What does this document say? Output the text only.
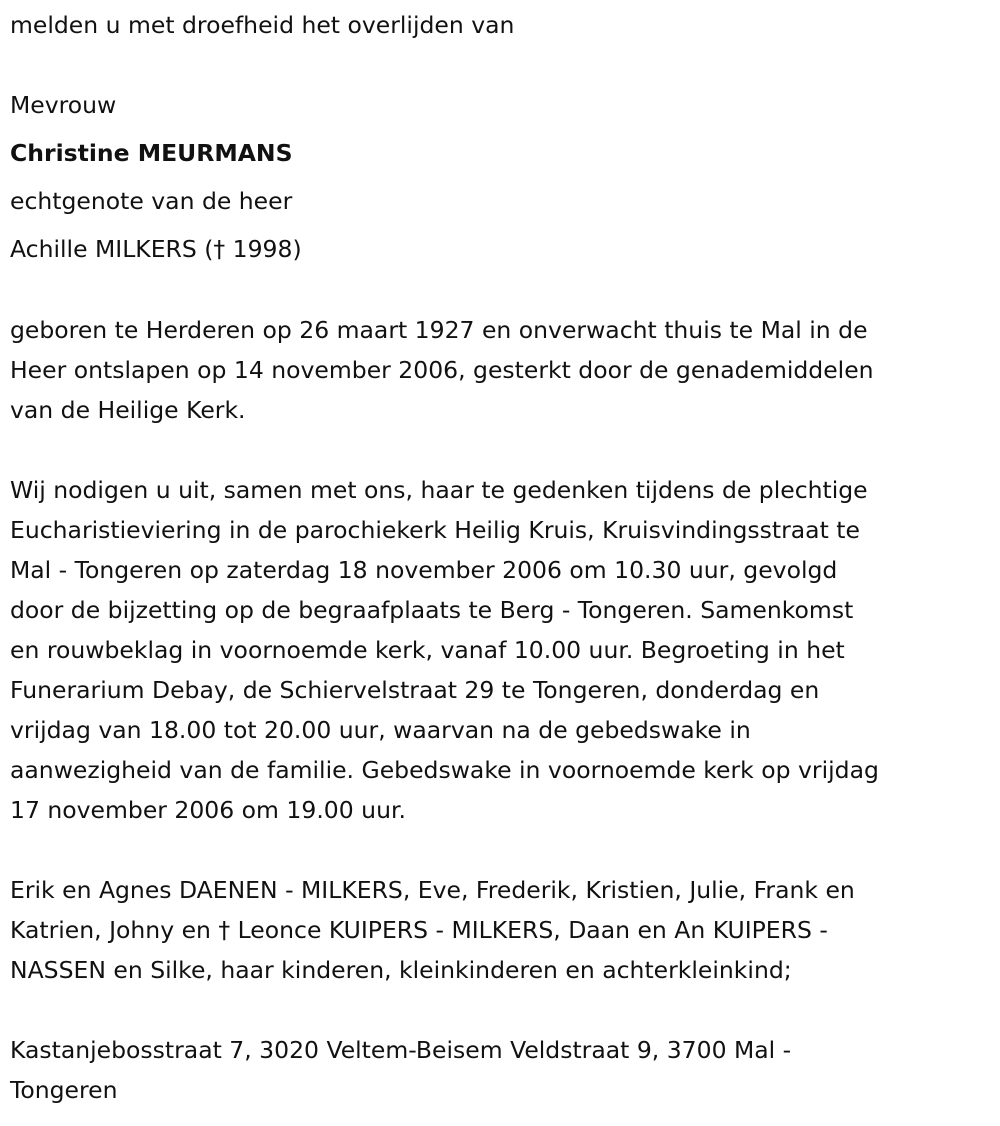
melden u met droefheid het overlijden van
Mevrouw
Christine MEURMANS
echtgenote van de heer
Achille MILKERS († 1998)
geboren te Herderen op 26 maart 1927 en onverwacht thuis te Mal in de
Heer ontslapen op 14 november 2006, gesterkt door de genademiddelen
van de Heilige Kerk.
Wij nodigen u uit, samen met ons, haar te gedenken tijdens de plechtige
Eucharistieviering in de parochiekerk Heilig Kruis, Kruisvindingsstraat te
Mal - Tongeren op zaterdag 18 november 2006 om 10.30 uur, gevolgd
door de bijzetting op de begraafplaats te Berg - Tongeren. Samenkomst
en rouwbeklag in voornoemde kerk, vanaf 10.00 uur. Begroeting in het
Funerarium Debay, de Schiervelstraat 29 te Tongeren, donderdag en
vrijdag van 18.00 tot 20.00 uur, waarvan na de gebedswake in
aanwezigheid van de familie. Gebedswake in voornoemde kerk op vrijdag
17 november 2006 om 19.00 uur.
Erik en Agnes DAENEN - MILKERS, Eve, Frederik, Kristien, Julie, Frank en
Katrien, Johny en † Leonce KUIPERS - MILKERS, Daan en An KUIPERS -
NASSEN en Silke, haar kinderen, kleinkinderen en achterkleinkind;
Kastanjebosstraat 7, 3020 Veltem-Beisem Veldstraat 9, 3700 Mal -
Tongeren
